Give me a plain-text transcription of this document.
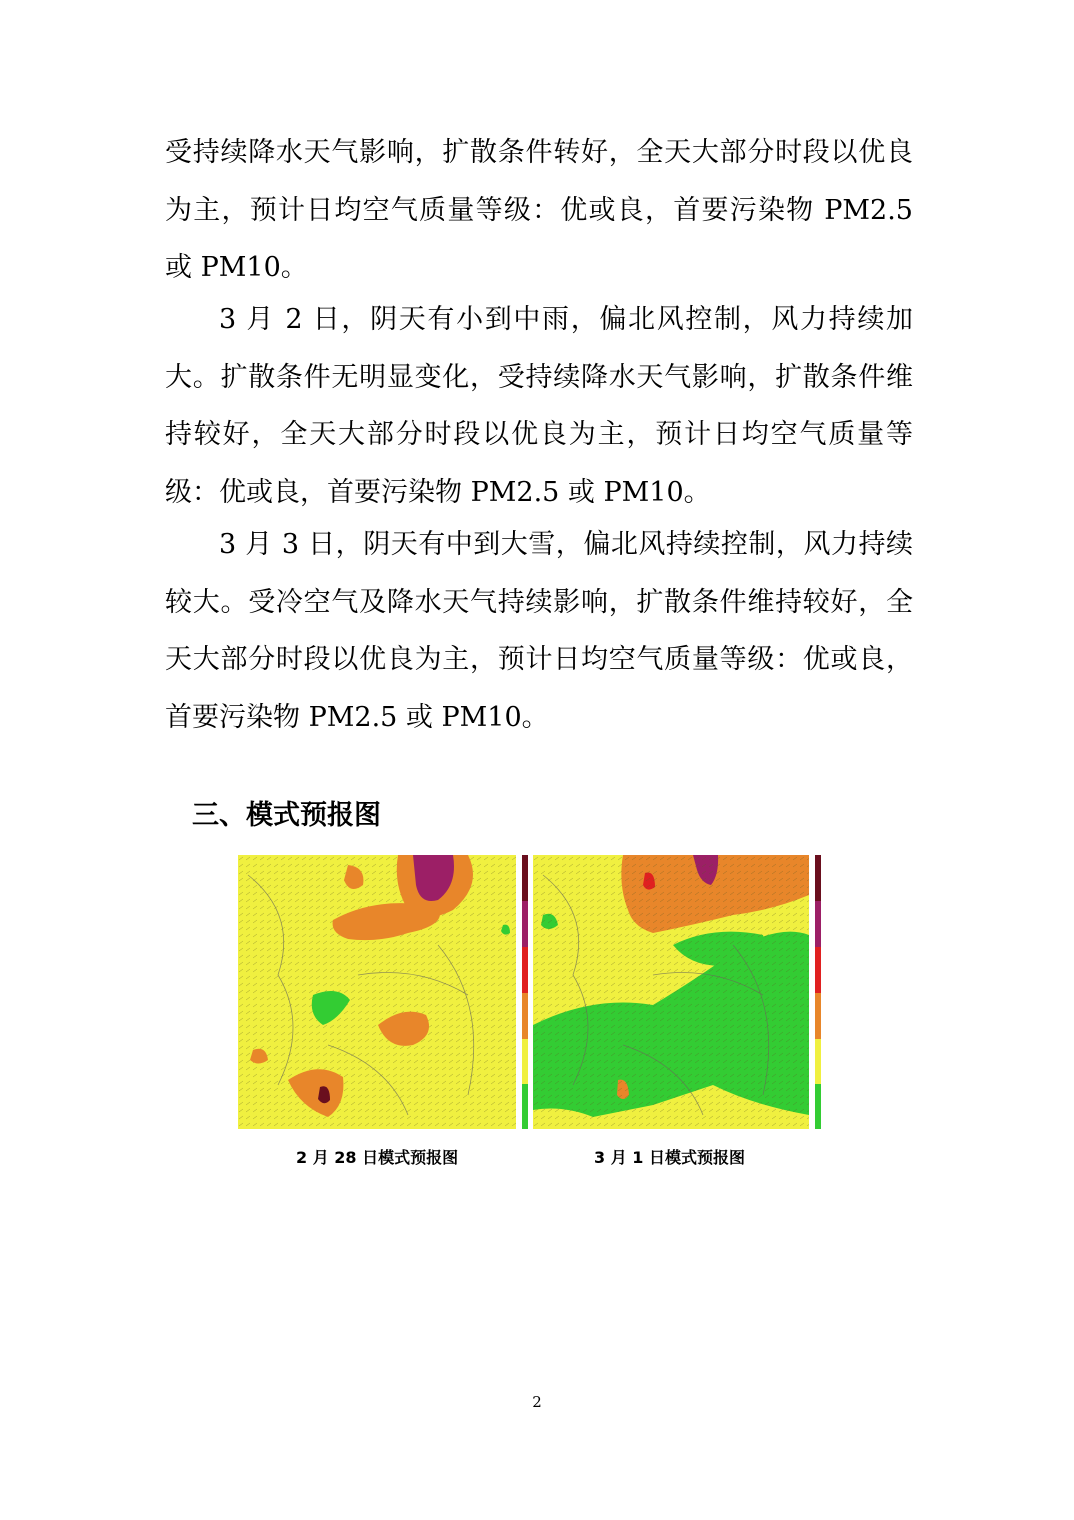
受持续降水天气影响，扩散条件转好，全天大部分时段以优良为主，预计日均空气质量等级：优或良，首要污染物 PM2.5 或 PM10。

3 月 2 日，阴天有小到中雨，偏北风控制，风力持续加大。扩散条件无明显变化，受持续降水天气影响，扩散条件维持较好，全天大部分时段以优良为主，预计日均空气质量等级：优或良，首要污染物 PM2.5 或 PM10。

3 月 3 日，阴天有中到大雪，偏北风持续控制，风力持续较大。受冷空气及降水天气持续影响，扩散条件维持较好，全天大部分时段以优良为主，预计日均空气质量等级：优或良，首要污染物 PM2.5 或 PM10。

三、模式预报图

2 月 28 日模式预报图	3 月 1 日模式预报图

2
